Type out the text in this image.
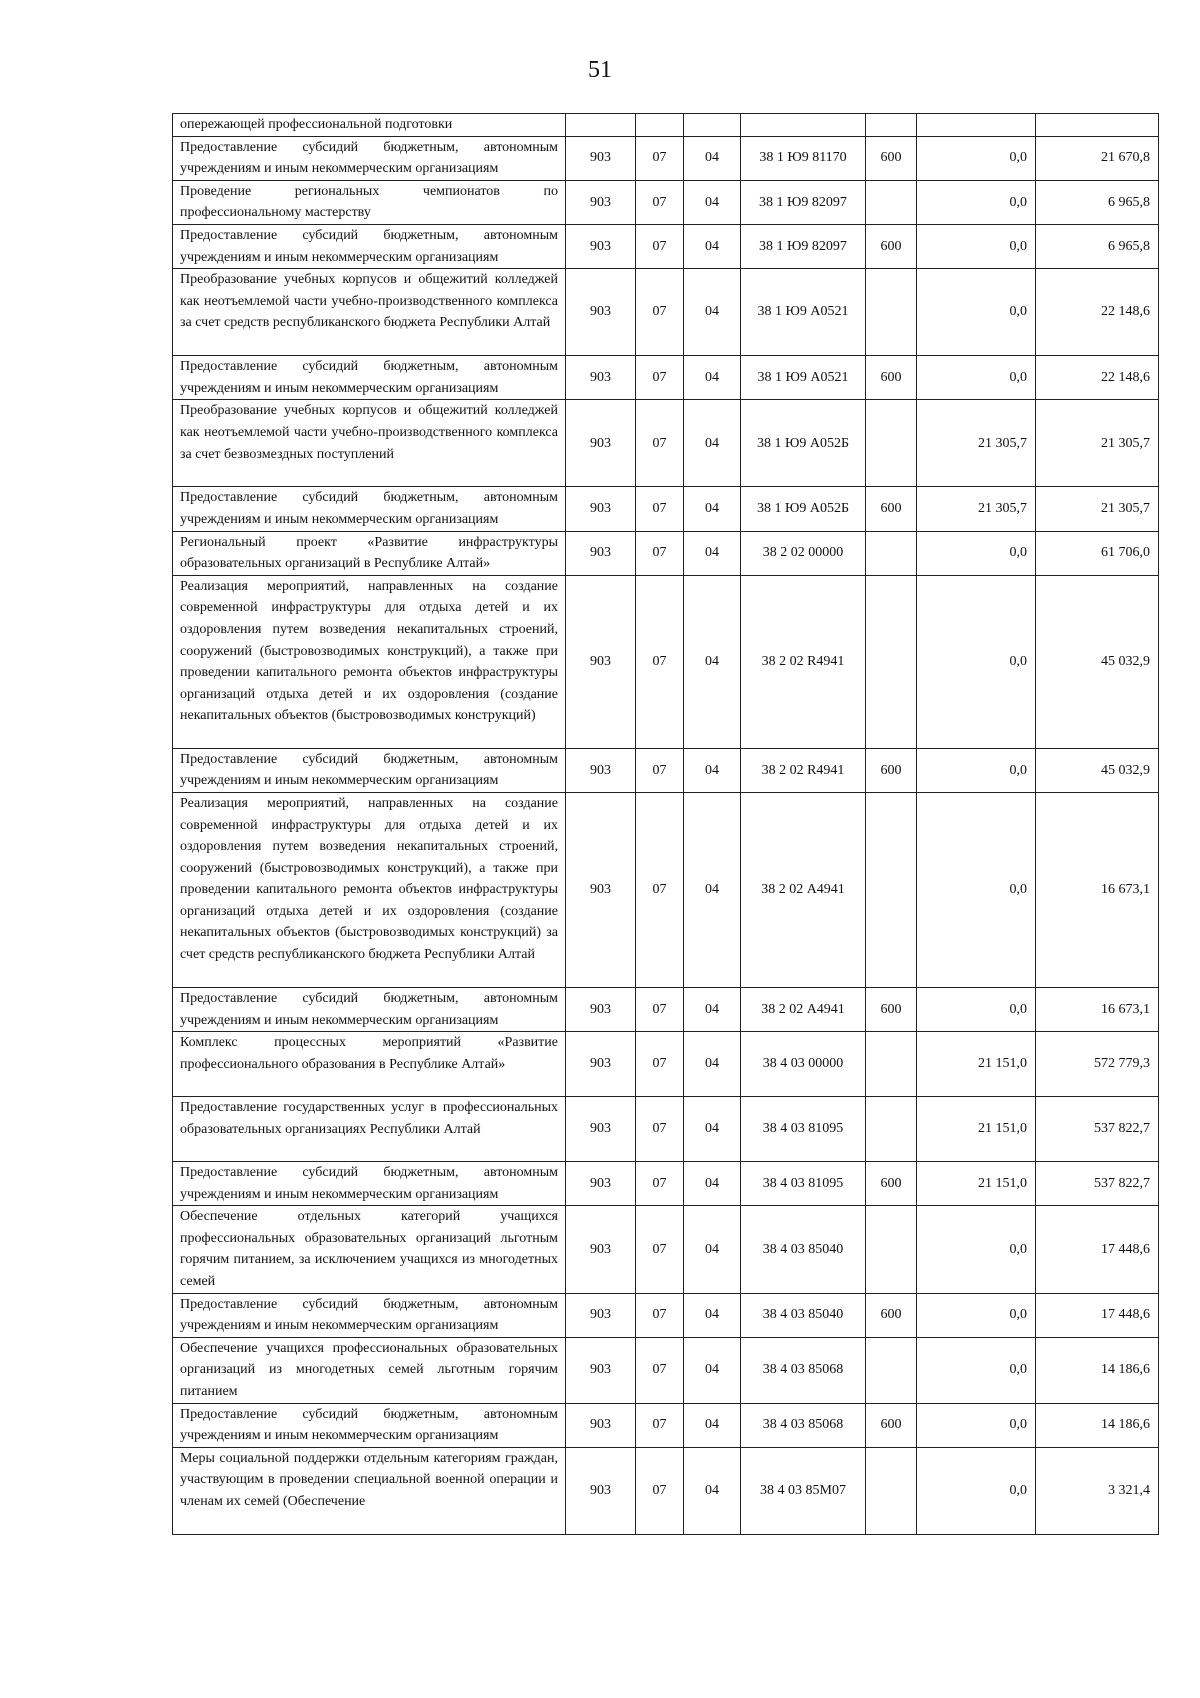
51
опережающей профессиональной подготовки							
Предоставление субсидий бюджетным, автономным учреждениям и иным некоммерческим организациям	903	07	04	38 1 Ю9 81170	600	0,0	21 670,8
Проведение региональных чемпионатов по профессиональному мастерству	903	07	04	38 1 Ю9 82097		0,0	6 965,8
Предоставление субсидий бюджетным, автономным учреждениям и иным некоммерческим организациям	903	07	04	38 1 Ю9 82097	600	0,0	6 965,8
Преобразование учебных корпусов и общежитий колледжей как неотъемлемой части учебно-производственного комплекса за счет средств республиканского бюджета Республики Алтай	903	07	04	38 1 Ю9 А0521		0,0	22 148,6
Предоставление субсидий бюджетным, автономным учреждениям и иным некоммерческим организациям	903	07	04	38 1 Ю9 А0521	600	0,0	22 148,6
Преобразование учебных корпусов и общежитий колледжей как неотъемлемой части учебно-производственного комплекса за счет безвозмездных поступлений	903	07	04	38 1 Ю9 А052Б		21 305,7	21 305,7
Предоставление субсидий бюджетным, автономным учреждениям и иным некоммерческим организациям	903	07	04	38 1 Ю9 А052Б	600	21 305,7	21 305,7
Региональный проект «Развитие инфраструктуры образовательных организаций в Республике Алтай»	903	07	04	38 2 02 00000		0,0	61 706,0
Реализация мероприятий, направленных на создание современной инфраструктуры для отдыха детей и их оздоровления путем возведения некапитальных строений, сооружений (быстровозводимых конструкций), а также при проведении капитального ремонта объектов инфраструктуры организаций отдыха детей и их оздоровления (создание некапитальных объектов (быстровозводимых конструкций)	903	07	04	38 2 02 R4941		0,0	45 032,9
Предоставление субсидий бюджетным, автономным учреждениям и иным некоммерческим организациям	903	07	04	38 2 02 R4941	600	0,0	45 032,9
Реализация мероприятий, направленных на создание современной инфраструктуры для отдыха детей и их оздоровления путем возведения некапитальных строений, сооружений (быстровозводимых конструкций), а также при проведении капитального ремонта объектов инфраструктуры организаций отдыха детей и их оздоровления (создание некапитальных объектов (быстровозводимых конструкций) за счет средств республиканского бюджета Республики Алтай	903	07	04	38 2 02 А4941		0,0	16 673,1
Предоставление субсидий бюджетным, автономным учреждениям и иным некоммерческим организациям	903	07	04	38 2 02 А4941	600	0,0	16 673,1
Комплекс процессных мероприятий «Развитие профессионального образования в Республике Алтай»	903	07	04	38 4 03 00000		21 151,0	572 779,3
Предоставление государственных услуг в профессиональных образовательных организациях Республики Алтай	903	07	04	38 4 03 81095		21 151,0	537 822,7
Предоставление субсидий бюджетным, автономным учреждениям и иным некоммерческим организациям	903	07	04	38 4 03 81095	600	21 151,0	537 822,7
Обеспечение отдельных категорий учащихся профессиональных образовательных организаций льготным горячим питанием, за исключением учащихся из многодетных семей	903	07	04	38 4 03 85040		0,0	17 448,6
Предоставление субсидий бюджетным, автономным учреждениям и иным некоммерческим организациям	903	07	04	38 4 03 85040	600	0,0	17 448,6
Обеспечение учащихся профессиональных образовательных организаций из многодетных семей льготным горячим питанием	903	07	04	38 4 03 85068		0,0	14 186,6
Предоставление субсидий бюджетным, автономным учреждениям и иным некоммерческим организациям	903	07	04	38 4 03 85068	600	0,0	14 186,6
Меры социальной поддержки отдельным категориям граждан, участвующим в проведении специальной военной операции и членам их семей (Обеспечение	903	07	04	38 4 03 85М07		0,0	3 321,4
